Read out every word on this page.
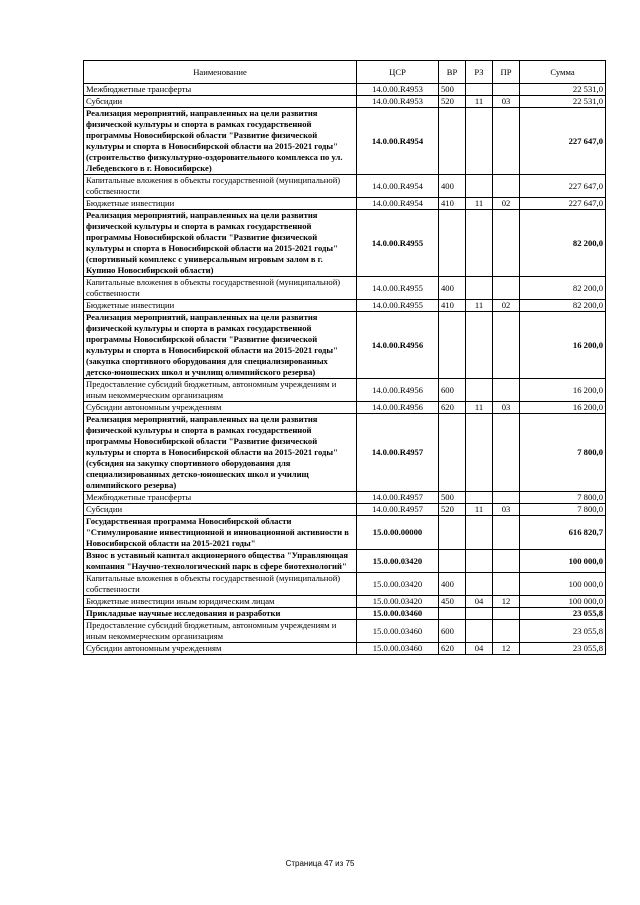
Наименование	ЦСР	ВР	РЗ	ПР	Сумма
Межбюджетные трансферты	14.0.00.R4953	500			22 531,0
Субсидии	14.0.00.R4953	520	11	03	22 531,0
Реализация мероприятий, направленных на цели развития физической культуры и спорта в рамках государственной программы Новосибирской области "Развитие физической культуры и спорта в Новосибирской области на 2015-2021 годы" (строительство физкультурно-оздоровительного комплекса по ул. Лебедевского в г. Новосибирске)	14.0.00.R4954				227 647,0
Капитальные вложения в объекты государственной (муниципальной) собственности	14.0.00.R4954	400			227 647,0
Бюджетные инвестиции	14.0.00.R4954	410	11	02	227 647,0
Реализация мероприятий, направленных на цели развития физической культуры и спорта в рамках государственной программы Новосибирской области "Развитие физической культуры и спорта в Новосибирской области на 2015-2021 годы" (спортивный комплекс с универсальным игровым залом в г. Купино Новосибирской области)	14.0.00.R4955				82 200,0
Капитальные вложения в объекты государственной (муниципальной) собственности	14.0.00.R4955	400			82 200,0
Бюджетные инвестиции	14.0.00.R4955	410	11	02	82 200,0
Реализация мероприятий, направленных на цели развития физической культуры и спорта в рамках государственной программы Новосибирской области "Развитие физической культуры и спорта в Новосибирской области на 2015-2021 годы" (закупка спортивного оборудования для специализированных детско-юношеских школ и училищ олимпийского резерва)	14.0.00.R4956				16 200,0
Предоставление субсидий бюджетным, автономным учреждениям и иным некоммерческим организациям	14.0.00.R4956	600			16 200,0
Субсидии автономным учреждениям	14.0.00.R4956	620	11	03	16 200,0
Реализация мероприятий, направленных на цели развития физической культуры и спорта в рамках государственной программы Новосибирской области "Развитие физической культуры и спорта в Новосибирской области на 2015-2021 годы" (субсидия на закупку спортивного оборудования для специализированных детско-юношеских школ и училищ олимпийского резерва)	14.0.00.R4957				7 800,0
Межбюджетные трансферты	14.0.00.R4957	500			7 800,0
Субсидии	14.0.00.R4957	520	11	03	7 800,0
Государственная программа Новосибирской области "Стимулирование инвестиционной и инновационной активности в Новосибирской области на 2015-2021 годы"	15.0.00.00000				616 820,7
Взнос в уставный капитал акционерного общества "Управляющая компания "Научно-технологический парк в сфере биотехнологий"	15.0.00.03420				100 000,0
Капитальные вложения в объекты государственной (муниципальной) собственности	15.0.00.03420	400			100 000,0
Бюджетные инвестиции иным юридическим лицам	15.0.00.03420	450	04	12	100 000,0
Прикладные научные исследования и разработки	15.0.00.03460				23 055,8
Предоставление субсидий бюджетным, автономным учреждениям и иным некоммерческим организациям	15.0.00.03460	600			23 055,8
Субсидии автономным учреждениям	15.0.00.03460	620	04	12	23 055,8
Страница 47 из 75
